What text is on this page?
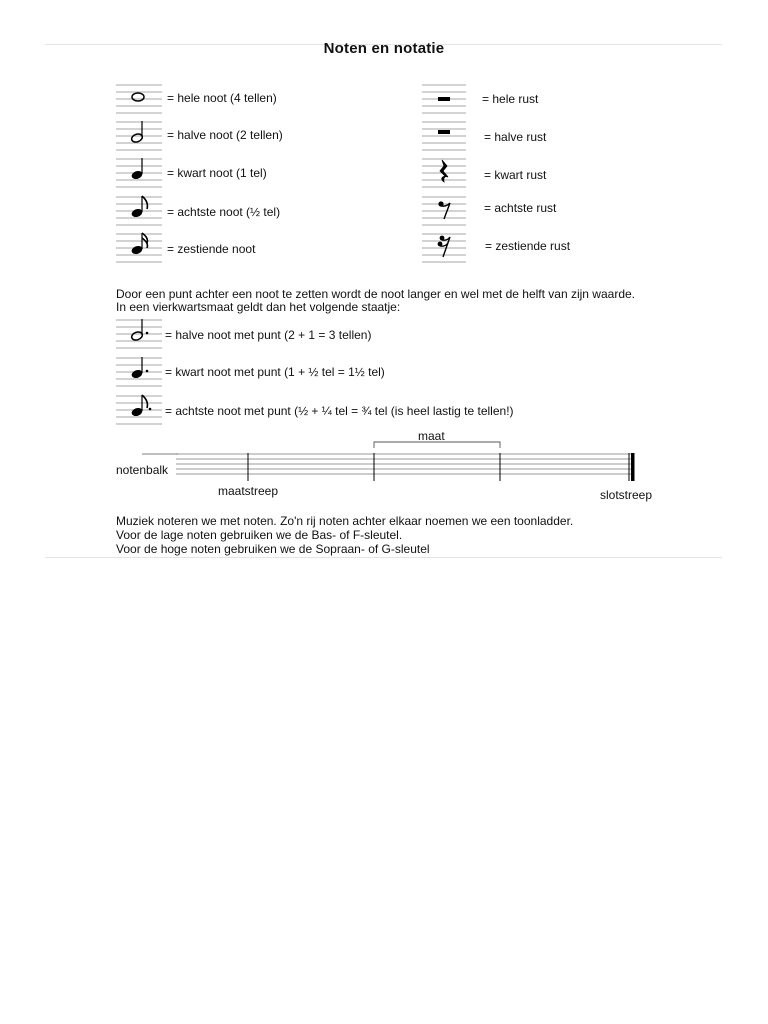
Noten en notatie
= hele noot (4 tellen)
= halve noot (2 tellen)
= kwart noot (1 tel)
= achtste noot (½ tel)
= zestiende noot
= hele rust
= halve rust
= kwart rust
= achtste rust
= zestiende rust
Door een punt achter een noot te zetten wordt de noot langer en wel met de helft van zijn waarde.
In een vierkwartsmaat geldt dan het volgende staatje:
= halve noot met punt (2 + 1 = 3 tellen)
= kwart noot met punt (1 + ½ tel = 1½ tel)
= achtste noot met punt (½ + ¼ tel = ¾ tel (is heel lastig te tellen!)
maat
notenbalk
maatstreep	slotstreep
Muziek noteren we met noten. Zo'n rij noten achter elkaar noemen we een toonladder.
Voor de lage noten gebruiken we de Bas- of F-sleutel.
Voor de hoge noten gebruiken we de Sopraan- of G-sleutel
